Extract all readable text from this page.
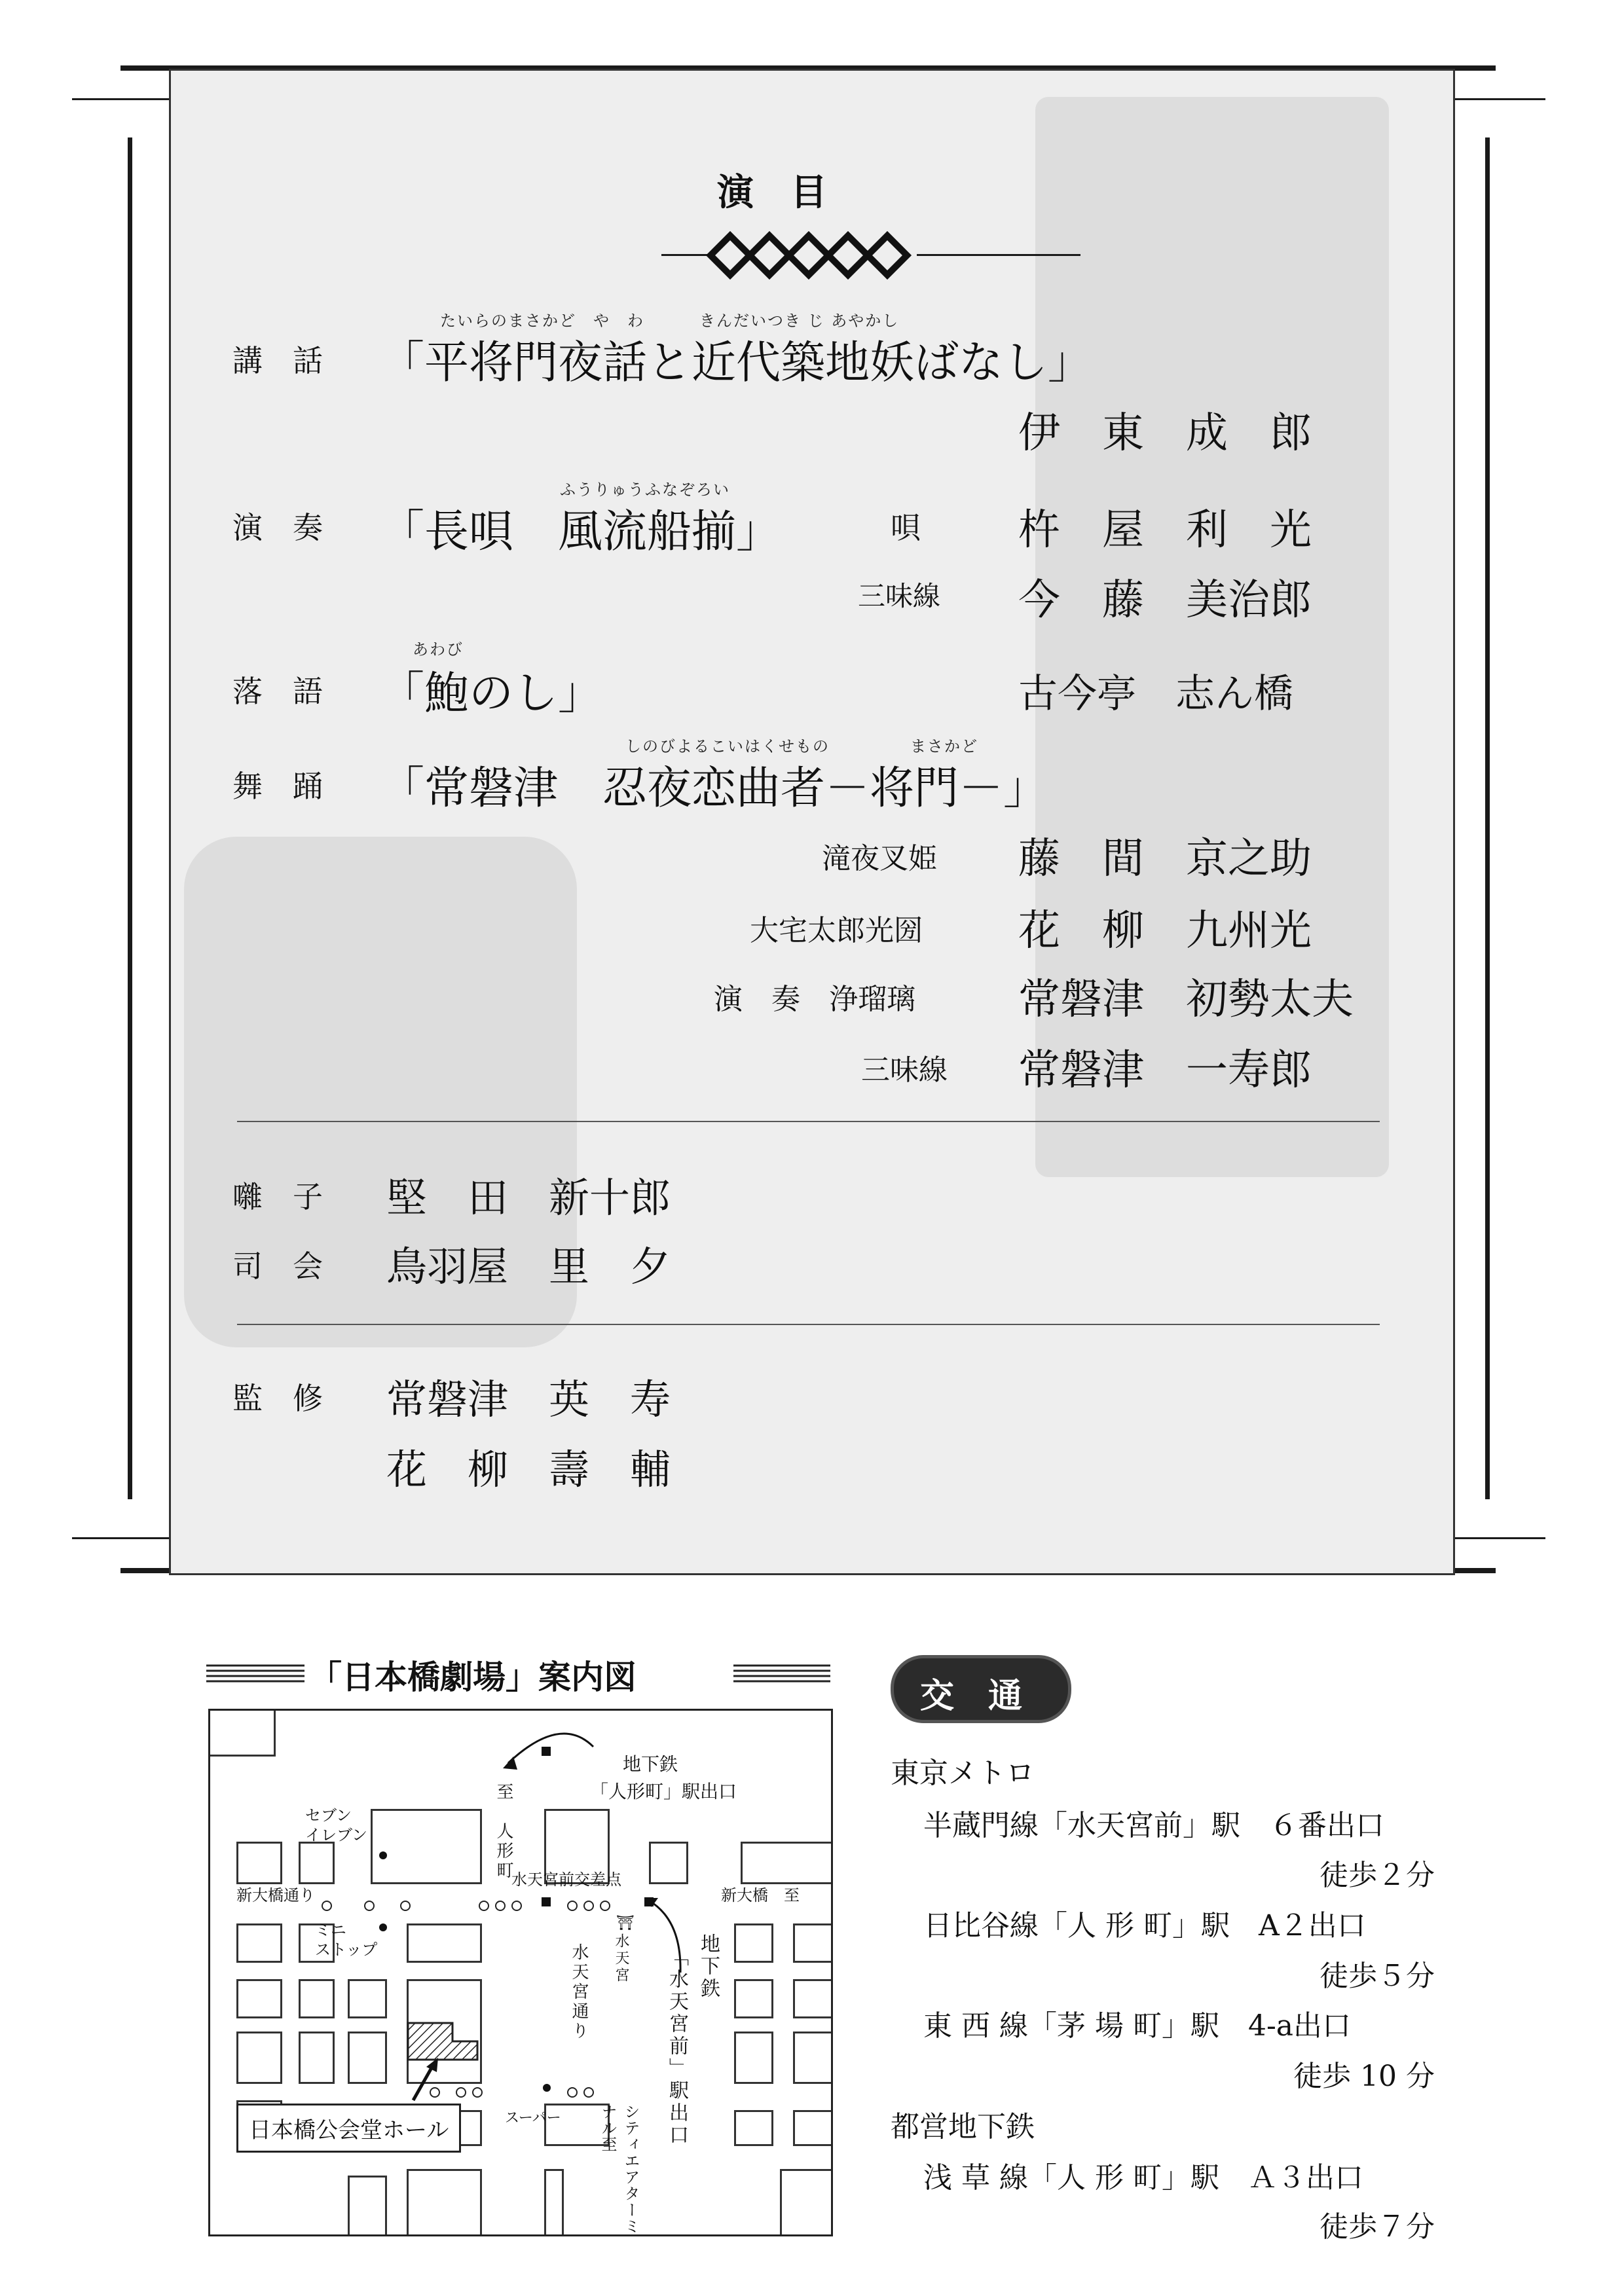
演　目
たいらのまさかど　や　わ	きんだいつき じ あやかし
講　話 「平将門夜話と近代築地妖ばなし」
伊　東　成　郎
ふうりゅうふなぞろい
演　奏 「長唄　風流船揃」	唄 杵　屋　利　光
三味線 今　藤　美治郎
あわび
落　語 「鮑のし」	古今亭　志ん橋
しのびよるこいはくせもの	まさかど
舞　踊 「常磐津　忍夜恋曲者－将門－」
滝夜叉姫 藤　間　京之助
大宅太郎光圀 花　柳　九州光
演　奏　浄瑠璃 常磐津　初勢太夫
三味線 常磐津　一寿郎
囃　子 堅　田　新十郎
司　会 鳥羽屋　里　夕
監　修 常磐津　英　寿
花　柳　壽　輔
「日本橋劇場」案内図
地下鉄
「人形町」駅出口
至　人形町
セブン
イレブン
新大橋通り
水天宮前交差点
新大橋　至
ミニ
ストップ	水天宮
水天宮通り	地下鉄
「水天宮前」駅出口
スーパー	シティエアターミナル至
⛩
日本橋公会堂ホール
交　通
東京メトロ
半蔵門線「水天宮前」駅　６番出口
徒歩２分
日比谷線「人 形 町」駅　A２出口
徒歩５分
東 西 線「茅 場 町」駅　4-a出口
徒歩 10 分
都営地下鉄
浅 草 線「人 形 町」駅　Ａ３出口
徒歩７分
